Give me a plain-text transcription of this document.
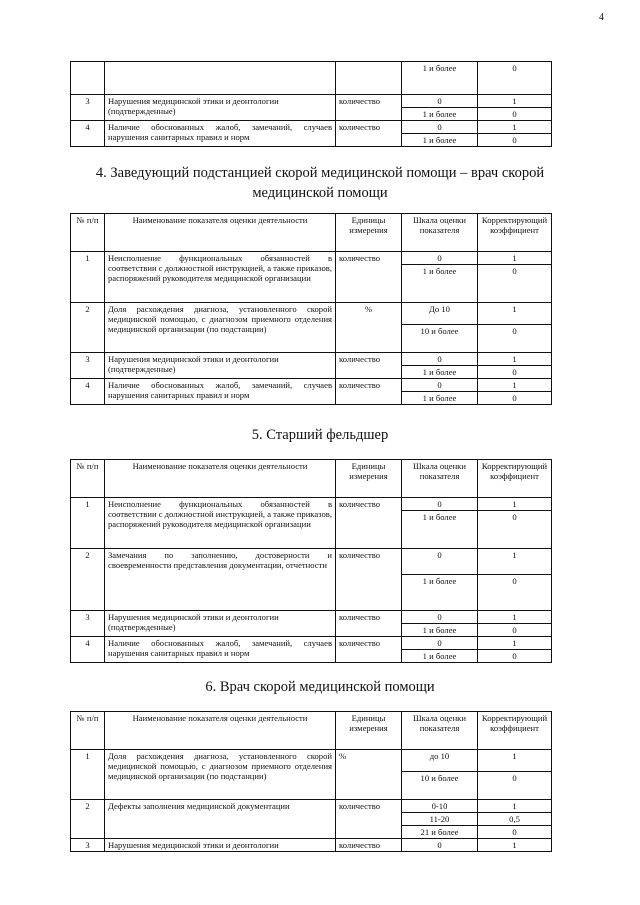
4
			1 и более	0
3	Нарушения медицинской этики и деонтологии (подтвержденные)	количество	0	1
			1 и более	0
4	Наличие обоснованных жалоб, замечаний, случаев нарушения санитарных правил и норм	количество	0	1
			1 и более	0
4. Заведующий подстанцией скорой медицинской помощи – врач скорой медицинской помощи
№ п/п	Наименование показателя оценки деятельности	Единицы измерения	Шкала оценки показателя	Корректирующий коэффициент
1	Неисполнение функциональных обязанностей в соответствии с должностной инструкцией, а также приказов, распоряжений руководителя медицинской организации	количество	0	1
			1 и более	0
2	Доля расхождения диагноза, установленного скорой медицинской помощью, с диагнозом приемного отделения медицинской организации (по подстанции)	%	До 10	1
			10 и более	0
3	Нарушения медицинской этики и деонтологии (подтвержденные)	количество	0	1
			1 и более	0
4	Наличие обоснованных жалоб, замечаний, случаев нарушения санитарных правил и норм	количество	0	1
			1 и более	0
5. Старший фельдшер
№ п/п	Наименование показателя оценки деятельности	Единицы измерения	Шкала оценки показателя	Корректирующий коэффициент
1	Неисполнение функциональных обязанностей в соответствии с должностной инструкцией, а также приказов, распоряжений руководителя медицинской организации	количество	0	1
			1 и более	0
2	Замечания по заполнению, достоверности и своевременности представления документации, отчетности	количество	0	1
			1 и более	0
3	Нарушения медицинской этики и деонтологии (подтвержденные)	количество	0	1
			1 и более	0
4	Наличие обоснованных жалоб, замечаний, случаев нарушения санитарных правил и норм	количество	0	1
			1 и более	0
6. Врач скорой медицинской помощи
№ п/п	Наименование показателя оценки деятельности	Единицы измерения	Шкала оценки показателя	Корректирующий коэффициент
1	Доля расхождения диагноза, установленного скорой медицинской помощью, с диагнозом приемного отделения медицинской организации (по подстанции)	%	до 10	1
			10 и более	0
2	Дефекты заполнения медицинской документации	количество	0-10	1
			11-20	0,5
			21 и более	0
3	Нарушения медицинской этики и деонтологии	количество	0	1
